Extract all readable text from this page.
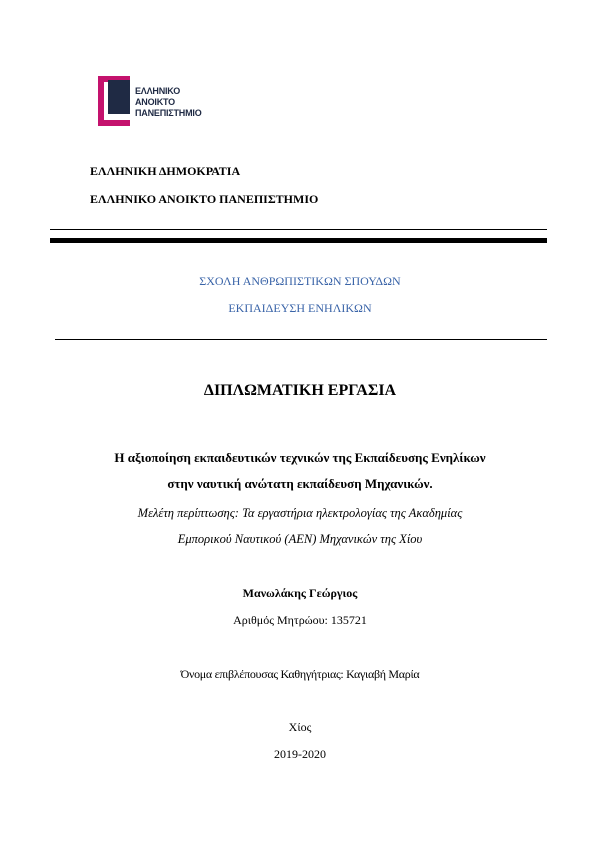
ΕΛΛΗΝΙΚΟ
ΑΝΟΙΚΤΟ
ΠΑΝΕΠΙΣΤΗΜΙΟ
ΕΛΛΗΝΙΚΗ ΔΗΜΟΚΡΑΤΙΑ
ΕΛΛΗΝΙΚΟ ΑΝΟΙΚΤΟ ΠΑΝΕΠΙΣΤΗΜΙΟ
ΣΧΟΛΗ ΑΝΘΡΩΠΙΣΤΙΚΩΝ ΣΠΟΥΔΩΝ
ΕΚΠΑΙΔΕΥΣΗ ΕΝΗΛΙΚΩΝ
ΔΙΠΛΩΜΑΤΙΚΗ ΕΡΓΑΣΙΑ
Η αξιοποίηση εκπαιδευτικών τεχνικών της Εκπαίδευσης Ενηλίκων
στην ναυτική ανώτατη εκπαίδευση Μηχανικών.
Μελέτη περίπτωσης: Τα εργαστήρια ηλεκτρολογίας της Ακαδημίας
Εμπορικού Ναυτικού (ΑΕΝ) Μηχανικών της Χίου
Μανωλάκης Γεώργιος
Αριθμός Μητρώου: 135721
Όνομα επιβλέπουσας Καθηγήτριας: Καγιαβή Μαρία
Χίος
2019-2020
